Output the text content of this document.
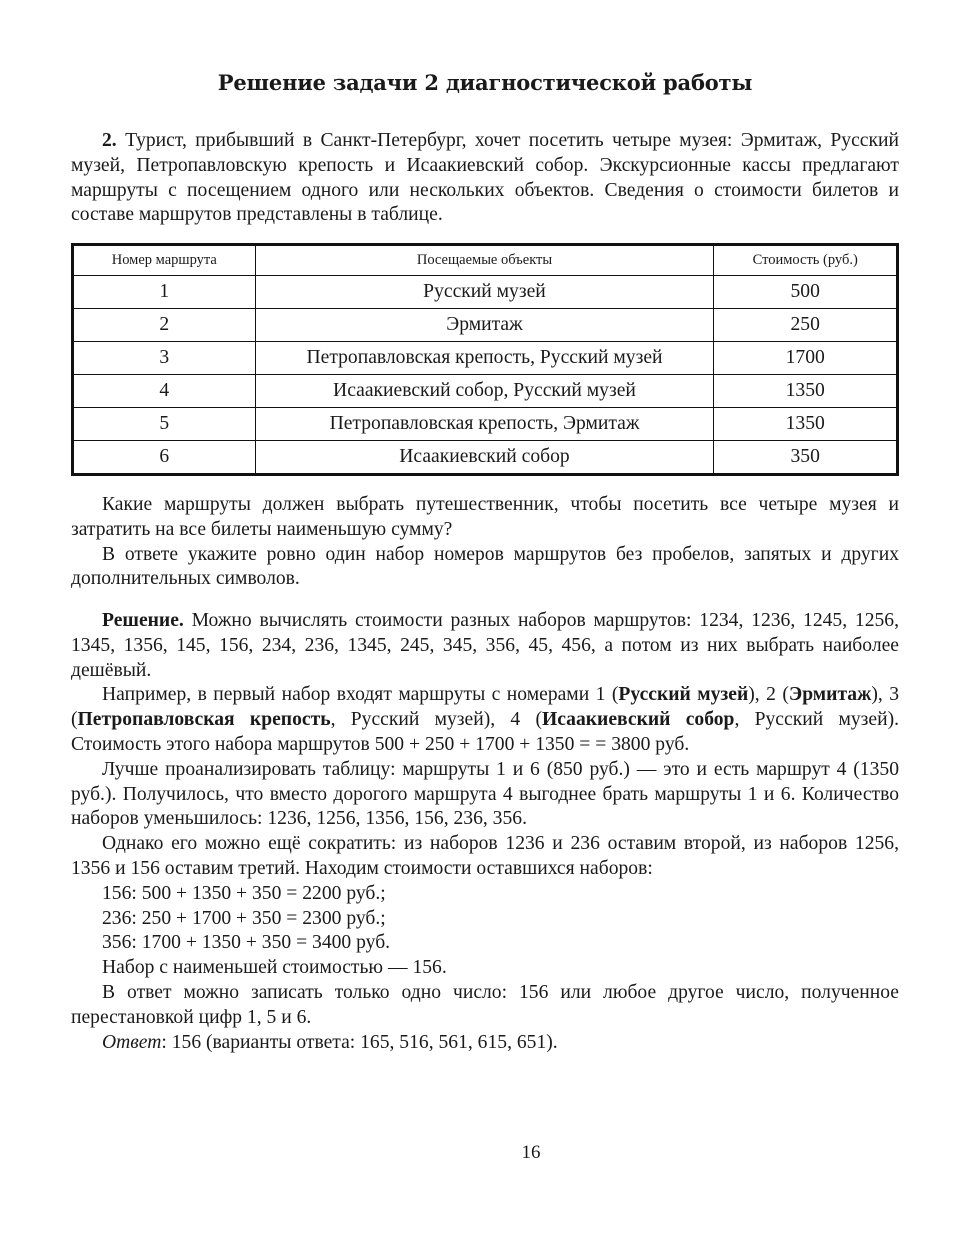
Решение задачи 2 диагностической работы

2. Турист, прибывший в Санкт-Петербург, хочет посетить четыре музея: Эрмитаж, Русский музей, Петропавловскую крепость и Исаакиевский собор. Экскурсионные кассы предлагают маршруты с посещением одного или нескольких объектов. Сведения о стоимости билетов и составе маршрутов представлены в таблице.

Номер маршрута	Посещаемые объекты	Стоимость (руб.)
1	Русский музей	500
2	Эрмитаж	250
3	Петропавловская крепость, Русский музей	1700
4	Исаакиевский собор, Русский музей	1350
5	Петропавловская крепость, Эрмитаж	1350
6	Исаакиевский собор	350

Какие маршруты должен выбрать путешественник, чтобы посетить все четыре музея и затратить на все билеты наименьшую сумму?

В ответе укажите ровно один набор номеров маршрутов без пробелов, запятых и других дополнительных символов.

Решение. Можно вычислять стоимости разных наборов маршрутов: 1234, 1236, 1245, 1256, 1345, 1356, 145, 156, 234, 236, 1345, 245, 345, 356, 45, 456, а потом из них выбрать наиболее дешёвый.

Например, в первый набор входят маршруты с номерами 1 (Русский музей), 2 (Эрмитаж), 3 (Петропавловская крепость, Русский музей), 4 (Исаакиевский собор, Русский музей). Стоимость этого набора маршрутов 500 + 250 + 1700 + 1350 = = 3800 руб.

Лучше проанализировать таблицу: маршруты 1 и 6 (850 руб.) — это и есть маршрут 4 (1350 руб.). Получилось, что вместо дорогого маршрута 4 выгоднее брать маршруты 1 и 6. Количество наборов уменьшилось: 1236, 1256, 1356, 156, 236, 356.

Однако его можно ещё сократить: из наборов 1236 и 236 оставим второй, из наборов 1256, 1356 и 156 оставим третий. Находим стоимости оставшихся наборов:

156: 500 + 1350 + 350 = 2200 руб.;

236: 250 + 1700 + 350 = 2300 руб.;

356: 1700 + 1350 + 350 = 3400 руб.

Набор с наименьшей стоимостью — 156.

В ответ можно записать только одно число: 156 или любое другое число, полученное перестановкой цифр 1, 5 и 6.

Ответ: 156 (варианты ответа: 165, 516, 561, 615, 651).

16
